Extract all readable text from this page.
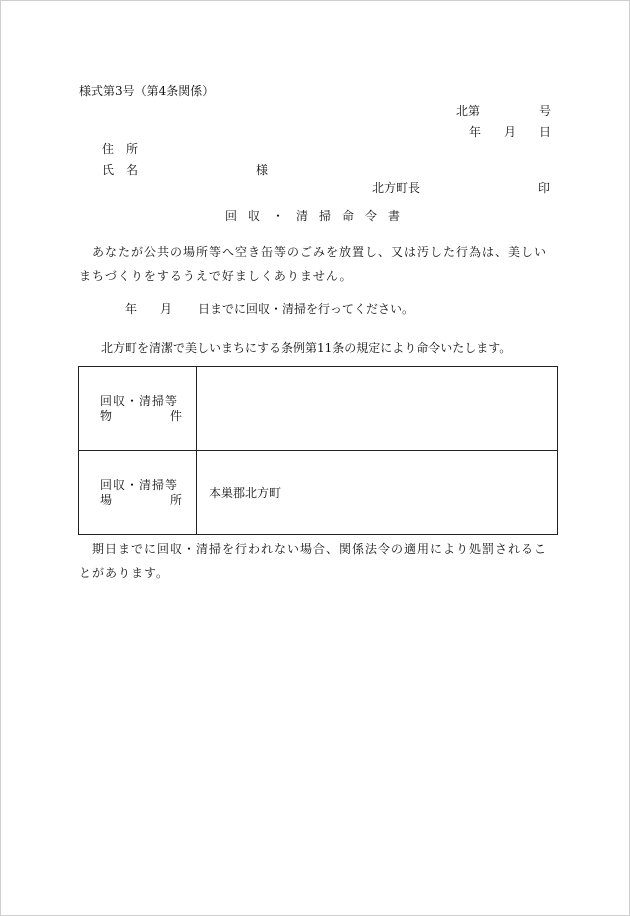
様式第3号（第4条関係）
北第	号
年 月 日
住　所
氏　名	様
北方町長	印
回 収 ・ 清 掃 命 令 書
　あなたが公共の場所等へ空き缶等のごみを放置し、又は汚した行為は、美しいまちづくりをするうえで好ましくありません。
年 月 日までに回収・清掃を行ってください。
北方町を清潔で美しいまちにする条例第11条の規定により命令いたします。
回収・清掃等
物 件	

回収・清掃等
場 所	本巣郡北方町
　期日までに回収・清掃を行われない場合、関係法令の適用により処罰されることがあります。
